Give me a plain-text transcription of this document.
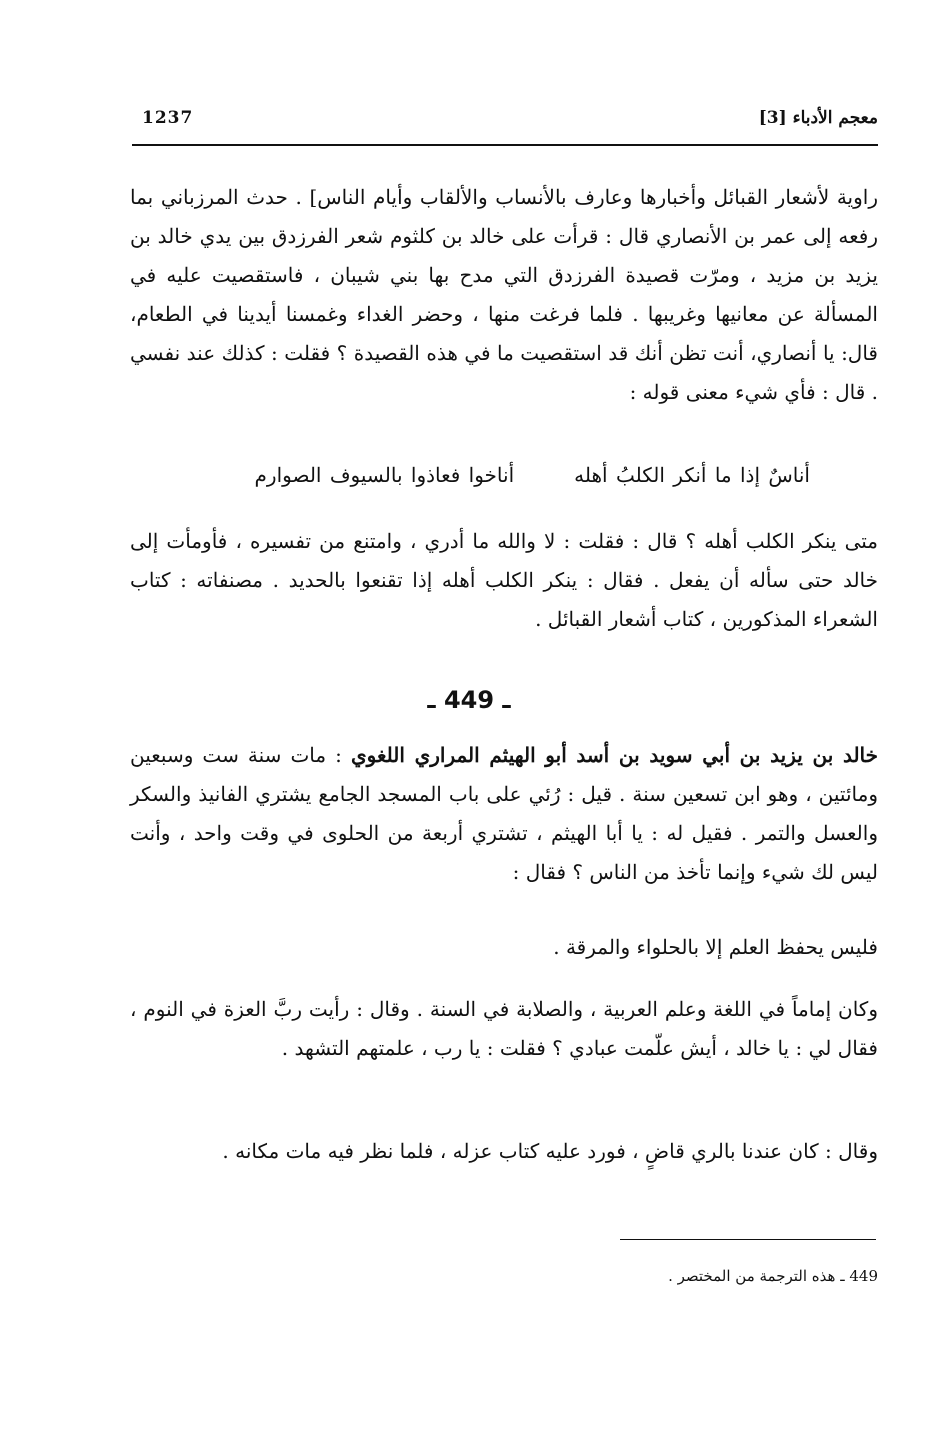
معجم الأدباء [3]
1237

راوية لأشعار القبائل وأخبارها وعارف بالأنساب والألقاب وأيام الناس] . حدث المرزباني بما رفعه إلى عمر بن الأنصاري قال : قرأت على خالد بن كلثوم شعر الفرزدق بين يدي خالد بن يزيد بن مزيد ، ومرّت قصيدة الفرزدق التي مدح بها بني شيبان ، فاستقصيت عليه في المسألة عن معانيها وغريبها . فلما فرغت منها ، وحضر الغداء وغمسنا أيدينا في الطعام، قال: يا أنصاري، أنت تظن أنك قد استقصيت ما في هذه القصيدة ؟ فقلت : كذلك عند نفسي . قال : فأي شيء معنى قوله :

أناسٌ إذا ما أنكر الكلبُ أهلهأناخوا فعاذوا بالسيوف الصوارم

متى ينكر الكلب أهله ؟ قال : فقلت : لا والله ما أدري ، وامتنع من تفسيره ، فأومأت إلى خالد حتى سأله أن يفعل . فقال : ينكر الكلب أهله إذا تقنعوا بالحديد . مصنفاته : كتاب الشعراء المذكورين ، كتاب أشعار القبائل .

ـ 449 ـ

خالد بن يزيد بن أبي سويد بن أسد أبو الهيثم المراري اللغوي : مات سنة ست وسبعين ومائتين ، وهو ابن تسعين سنة . قيل : رُئي على باب المسجد الجامع يشتري الفانيذ والسكر والعسل والتمر . فقيل له : يا أبا الهيثم ، تشتري أربعة من الحلوى في وقت واحد ، وأنت ليس لك شيء وإنما تأخذ من الناس ؟ فقال :

فليس يحفظ العلم إلا بالحلواء والمرقة .

وكان إماماً في اللغة وعلم العربية ، والصلابة في السنة . وقال : رأيت ربَّ العزة في النوم ، فقال لي : يا خالد ، أيش علّمت عبادي ؟ فقلت : يا رب ، علمتهم التشهد .

وقال : كان عندنا بالري قاضٍ ، فورد عليه كتاب عزله ، فلما نظر فيه مات مكانه .

449 ـ هذه الترجمة من المختصر .
